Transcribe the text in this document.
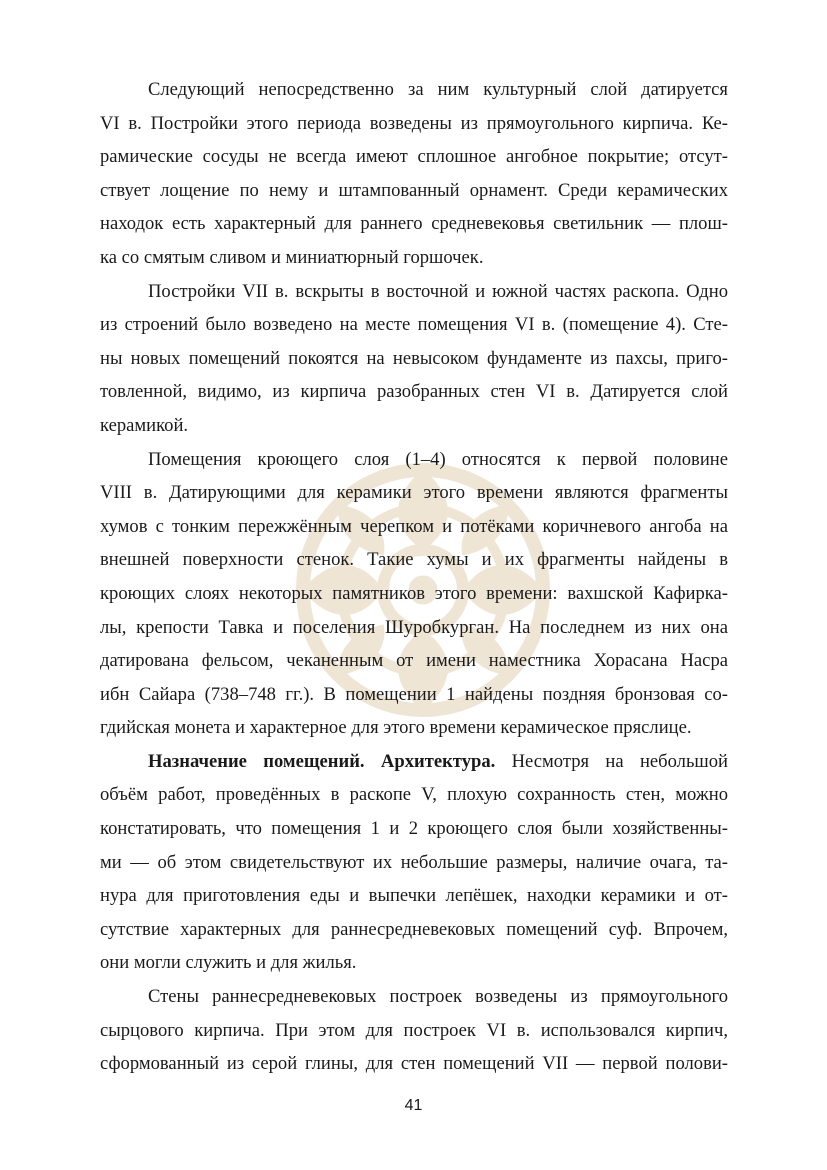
Следующий непосредственно за ним культурный слой датируется
VI в. Постройки этого периода возведены из прямоугольного кирпича. Ке-
рамические сосуды не всегда имеют сплошное ангобное покрытие; отсут-
ствует лощение по нему и штампованный орнамент. Среди керамических
находок есть характерный для раннего средневековья светильник — плош-
ка со смятым сливом и миниатюрный горшочек.

Постройки VII в. вскрыты в восточной и южной частях раскопа. Одно
из строений было возведено на месте помещения VI в. (помещение 4). Сте-
ны новых помещений покоятся на невысоком фундаменте из пахсы, приго-
товленной, видимо, из кирпича разобранных стен VI в. Датируется слой
керамикой.

Помещения кроющего слоя (1–4) относятся к первой половине
VIII в. Датирующими для керамики этого времени являются фрагменты
хумов с тонким пережжённым черепком и потёками коричневого ангоба на
внешней поверхности стенок. Такие хумы и их фрагменты найдены в
кроющих слоях некоторых памятников этого времени: вахшской Кафирка-
лы, крепости Тавка и поселения Шуробкурган. На последнем из них она
датирована фельсом, чеканенным от имени наместника Хорасана Насра
ибн Сайара (738–748 гг.). В помещении 1 найдены поздняя бронзовая со-
гдийская монета и характерное для этого времени керамическое пряслице.

Назначение помещений. Архитектура. Несмотря на небольшой
объём работ, проведённых в раскопе V, плохую сохранность стен, можно
констатировать, что помещения 1 и 2 кроющего слоя были хозяйственны-
ми — об этом свидетельствуют их небольшие размеры, наличие очага, та-
нура для приготовления еды и выпечки лепёшек, находки керамики и от-
сутствие характерных для раннесредневековых помещений суф. Впрочем,
они могли служить и для жилья.

Стены раннесредневековых построек возведены из прямоугольного
сырцового кирпича. При этом для построек VI в. использовался кирпич,
сформованный из серой глины, для стен помещений VII — первой полови-

41
